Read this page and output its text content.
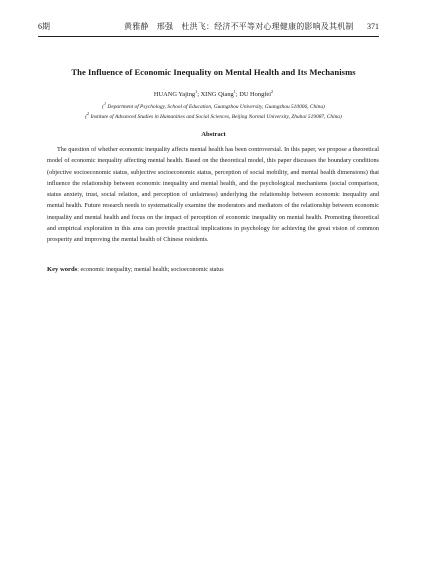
6期	黄雅静　邢强　杜洪飞：经济不平等对心理健康的影响及其机制 371
The Influence of Economic Inequality on Mental Health and Its Mechanisms
HUANG Yajing$^1$; XING Qiang$^1$; DU Hongfei$^2$
($^1$ Department of Psychology, School of Education, Guangzhou University, Guangzhou 510006, China)
($^2$ Institute of Advanced Studies in Humanities and Social Sciences, Beijing Normal University, Zhuhai 519087, China)
Abstract

The question of whether economic inequality affects mental health has been controversial. In this paper, we propose a theoretical model of economic inequality affecting mental health. Based on the theoretical model, this paper discusses the boundary conditions (objective socioeconomic status, subjective socioeconomic status, perception of social mobility, and mental health dimensions) that influence the relationship between economic inequality and mental health, and the psychological mechanisms (social comparison, status anxiety, trust, social relation, and perception of unfairness) underlying the relationship between economic inequality and mental health. Future research needs to systematically examine the moderators and mediators of the relationship between economic inequality and mental health and focus on the impact of perception of economic inequality on mental health. Promoting theoretical and empirical exploration in this area can provide practical implications in psychology for achieving the great vision of common prosperity and improving the mental health of Chinese residents.

Key words: economic inequality; mental health; socioeconomic status
